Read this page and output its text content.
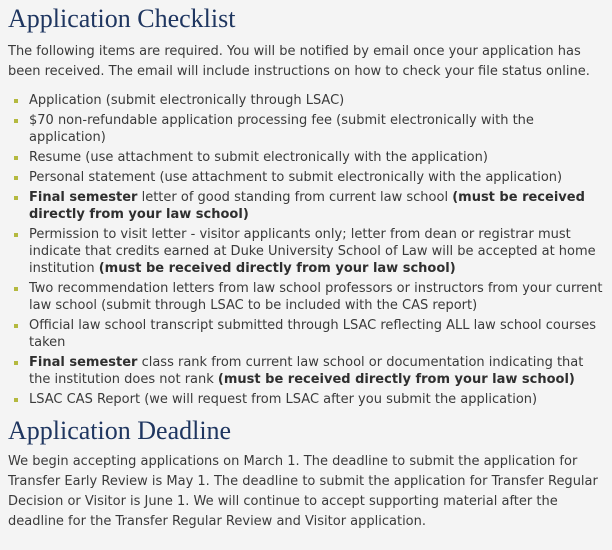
Application Checklist

The following items are required. You will be notified by email once your application has been received. The email will include instructions on how to check your file status online.

Application (submit electronically through LSAC)
$70 non-refundable application processing fee (submit electronically with the application)
Resume (use attachment to submit electronically with the application)
Personal statement (use attachment to submit electronically with the application)
Final semester letter of good standing from current law school (must be received directly from your law school)
Permission to visit letter - visitor applicants only; letter from dean or registrar must indicate that credits earned at Duke University School of Law will be accepted at home institution (must be received directly from your law school)
Two recommendation letters from law school professors or instructors from your current law school (submit through LSAC to be included with the CAS report)
Official law school transcript submitted through LSAC reflecting ALL law school courses taken
Final semester class rank from current law school or documentation indicating that the institution does not rank (must be received directly from your law school)
LSAC CAS Report (we will request from LSAC after you submit the application)
Application Deadline

We begin accepting applications on March 1. The deadline to submit the application for Transfer Early Review is May 1. The deadline to submit the application for Transfer Regular Decision or Visitor is June 1. We will continue to accept supporting material after the deadline for the Transfer Regular Review and Visitor application.
